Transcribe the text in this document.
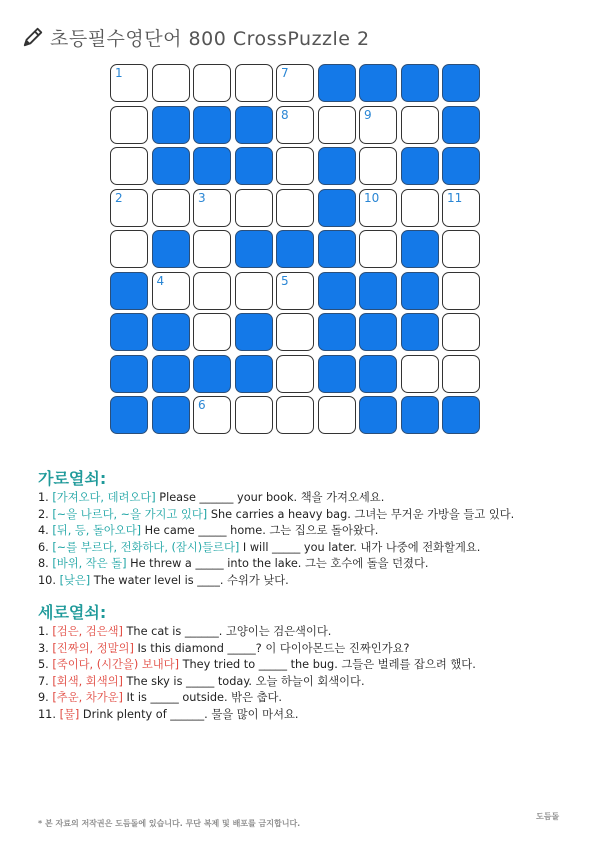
초등필수영단어 800 CrossPuzzle 2
1	7
8	9
2	3	10	11
4	5
6
가로열쇠:
1. [가져오다, 데려오다] Please ______ your book. 책을 가져오세요.
2. [~을 나르다, ~을 가지고 있다] She carries a heavy bag. 그녀는 무거운 가방을 들고 있다.
4. [뒤, 등, 돌아오다] He came _____ home. 그는 집으로 돌아왔다.
6. [~를 부르다, 전화하다, (잠시)들르다] I will _____ you later. 내가 나중에 전화할게요.
8. [바위, 작은 돌] He threw a _____ into the lake. 그는 호수에 돌을 던졌다.
10. [낮은] The water level is ____. 수위가 낮다.
세로열쇠:
1. [검은, 검은색] The cat is ______. 고양이는 검은색이다.
3. [진짜의, 정말의] Is this diamond _____? 이 다이아몬드는 진짜인가요?
5. [죽이다, (시간을) 보내다] They tried to _____ the bug. 그들은 벌레를 잡으려 했다.
7. [회색, 회색의] The sky is _____ today. 오늘 하늘이 회색이다.
9. [추운, 차가운] It is _____ outside. 밖은 춥다.
11. [물] Drink plenty of ______. 물을 많이 마셔요.
* 본 자료의 저작권은 도듬돌에 있습니다. 무단 복제 및 배포를 금지합니다.
도듬돌
